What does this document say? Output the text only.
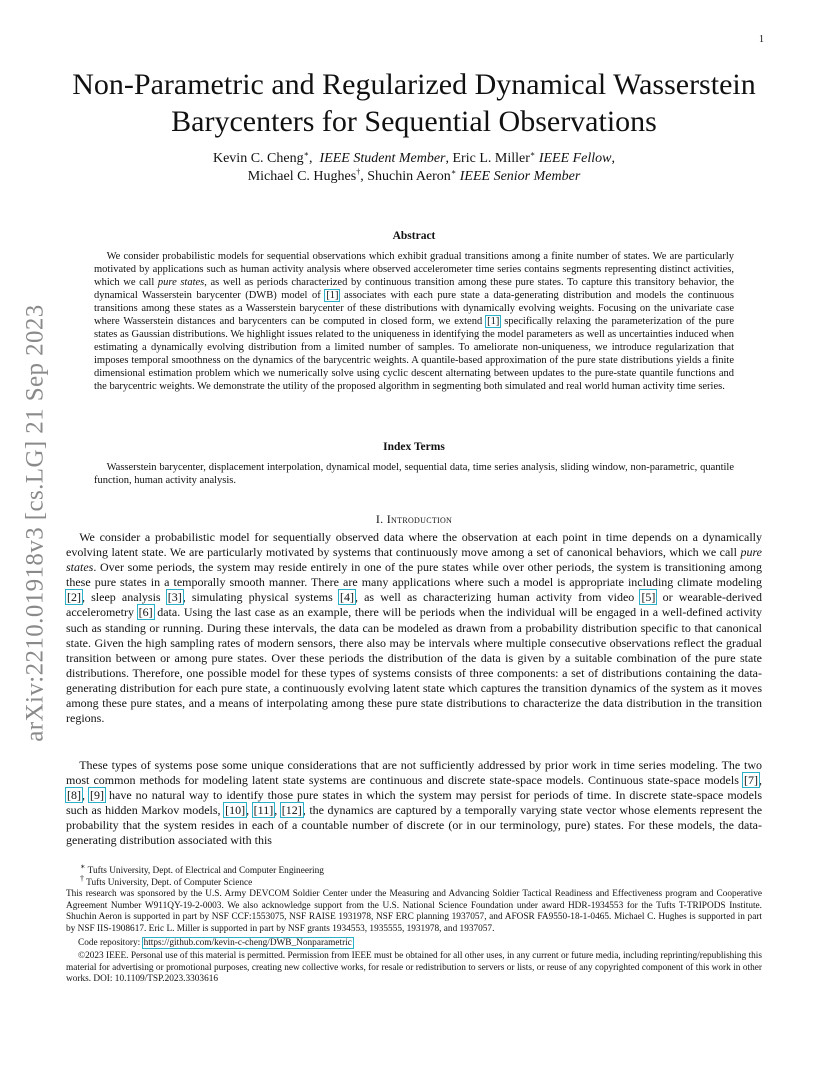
arXiv:2210.01918v3 [cs.LG] 21 Sep 2023
1
Non-Parametric and Regularized Dynamical Wasserstein Barycenters for Sequential Observations
Kevin C. Cheng∗,  IEEE Student Member, Eric L. Miller∗ IEEE Fellow,
Michael C. Hughes†, Shuchin Aeron∗ IEEE Senior Member
Abstract

We consider probabilistic models for sequential observations which exhibit gradual transitions among a finite number of states. We are particularly motivated by applications such as human activity analysis where observed accelerometer time series contains segments representing distinct activities, which we call pure states, as well as periods characterized by continuous transition among these pure states. To capture this transitory behavior, the dynamical Wasserstein barycenter (DWB) model of [1] associates with each pure state a data-generating distribution and models the continuous transitions among these states as a Wasserstein barycenter of these distributions with dynamically evolving weights. Focusing on the univariate case where Wasserstein distances and barycenters can be computed in closed form, we extend [1] specifically relaxing the parameterization of the pure states as Gaussian distributions. We highlight issues related to the uniqueness in identifying the model parameters as well as uncertainties induced when estimating a dynamically evolving distribution from a limited number of samples. To ameliorate non-uniqueness, we introduce regularization that imposes temporal smoothness on the dynamics of the barycentric weights. A quantile-based approximation of the pure state distributions yields a finite dimensional estimation problem which we numerically solve using cyclic descent alternating between updates to the pure-state quantile functions and the barycentric weights. We demonstrate the utility of the proposed algorithm in segmenting both simulated and real world human activity time series.

Index Terms

Wasserstein barycenter, displacement interpolation, dynamical model, sequential data, time series analysis, sliding window, non-parametric, quantile function, human activity analysis.

I. Introduction

We consider a probabilistic model for sequentially observed data where the observation at each point in time depends on a dynamically evolving latent state. We are particularly motivated by systems that continuously move among a set of canonical behaviors, which we call pure states. Over some periods, the system may reside entirely in one of the pure states while over other periods, the system is transitioning among these pure states in a temporally smooth manner. There are many applications where such a model is appropriate including climate modeling [2], sleep analysis [3], simulating physical systems [4], as well as characterizing human activity from video [5] or wearable-derived accelerometry [6] data. Using the last case as an example, there will be periods when the individual will be engaged in a well-defined activity such as standing or running. During these intervals, the data can be modeled as drawn from a probability distribution specific to that canonical state. Given the high sampling rates of modern sensors, there also may be intervals where multiple consecutive observations reflect the gradual transition between or among pure states. Over these periods the distribution of the data is given by a suitable combination of the pure state distributions. Therefore, one possible model for these types of systems consists of three components: a set of distributions containing the data-generating distribution for each pure state, a continuously evolving latent state which captures the transition dynamics of the system as it moves among these pure states, and a means of interpolating among these pure state distributions to characterize the data distribution in the transition regions.

These types of systems pose some unique considerations that are not sufficiently addressed by prior work in time series modeling. The two most common methods for modeling latent state systems are continuous and discrete state-space models. Continuous state-space models [7], [8], [9] have no natural way to identify those pure states in which the system may persist for periods of time. In discrete state-space models such as hidden Markov models, [10], [11], [12], the dynamics are captured by a temporally varying state vector whose elements represent the probability that the system resides in each of a countable number of discrete (or in our terminology, pure) states. For these models, the data-generating distribution associated with this

∗ Tufts University, Dept. of Electrical and Computer Engineering

† Tufts University, Dept. of Computer Science

This research was sponsored by the U.S. Army DEVCOM Soldier Center under the Measuring and Advancing Soldier Tactical Readiness and Effectiveness program and Cooperative Agreement Number W911QY-19-2-0003. We also acknowledge support from the U.S. National Science Foundation under award HDR-1934553 for the Tufts T-TRIPODS Institute. Shuchin Aeron is supported in part by NSF CCF:1553075, NSF RAISE 1931978, NSF ERC planning 1937057, and AFOSR FA9550-18-1-0465. Michael C. Hughes is supported in part by NSF IIS-1908617. Eric L. Miller is supported in part by NSF grants 1934553, 1935555, 1931978, and 1937057.

Code repository: https://github.com/kevin-c-cheng/DWB_Nonparametric

©2023 IEEE. Personal use of this material is permitted. Permission from IEEE must be obtained for all other uses, in any current or future media, including reprinting/republishing this material for advertising or promotional purposes, creating new collective works, for resale or redistribution to servers or lists, or reuse of any copyrighted component of this work in other works. DOI: 10.1109/TSP.2023.3303616
